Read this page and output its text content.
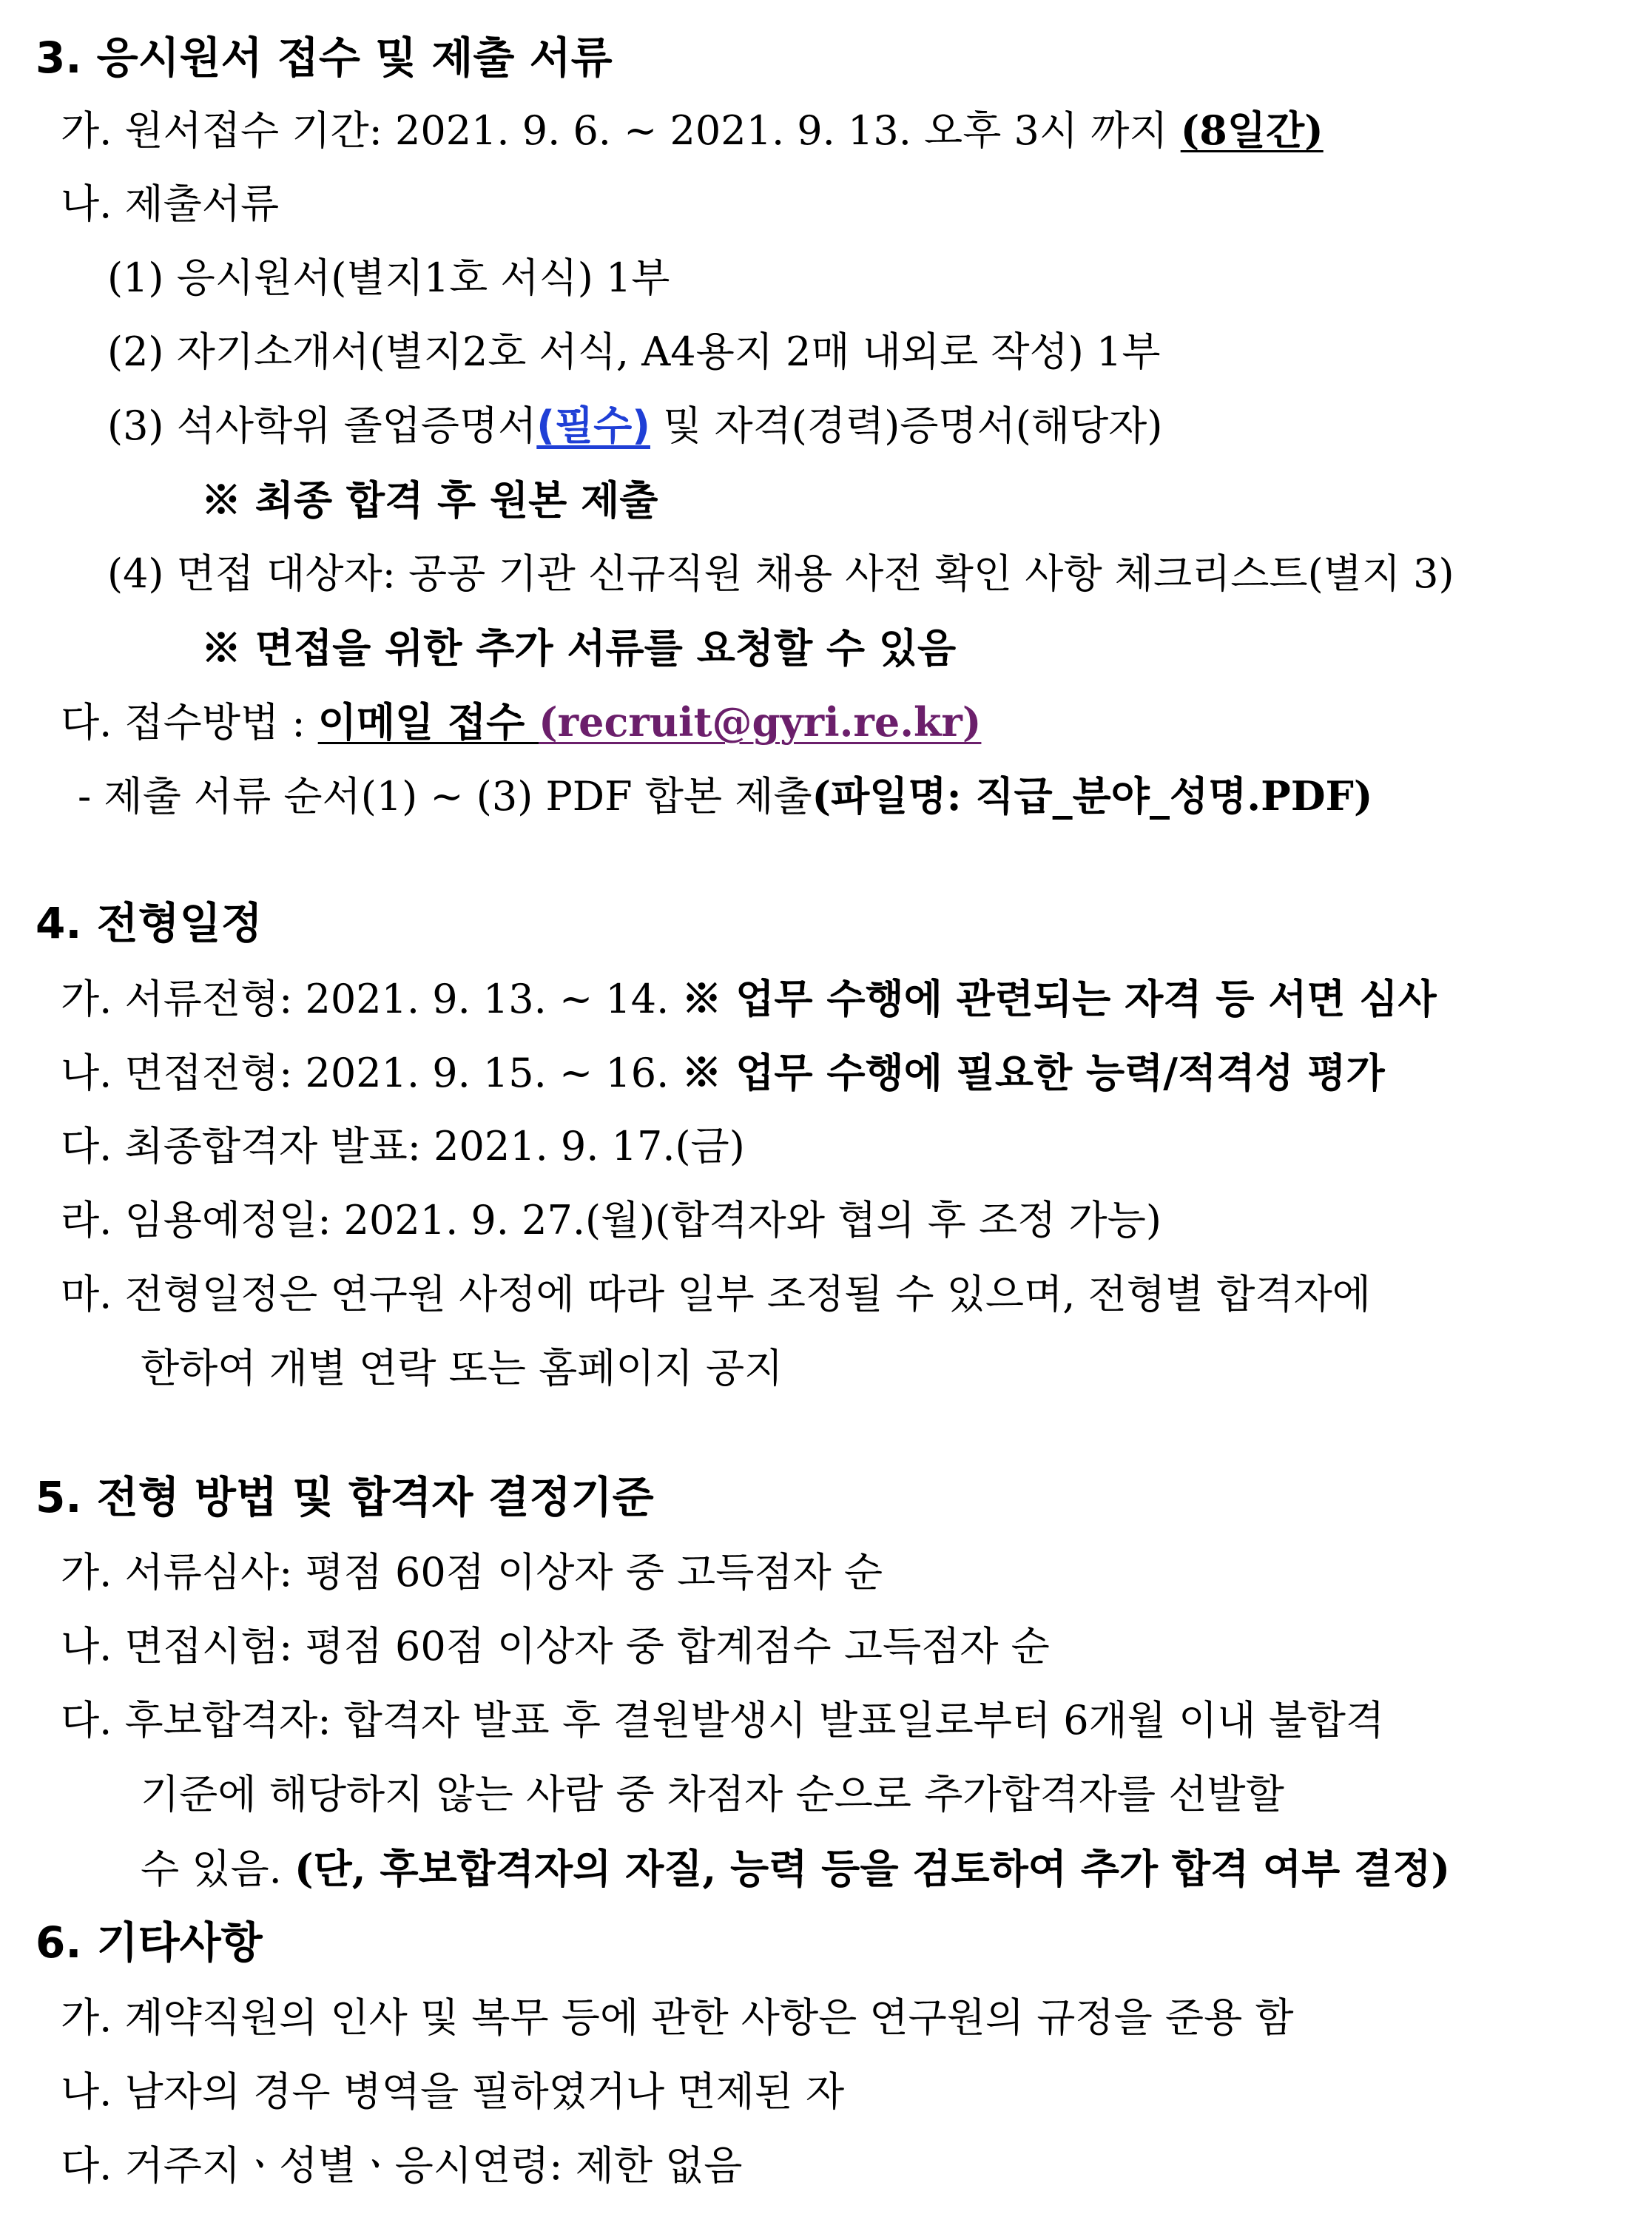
3. 응시원서 접수 및 제출 서류
가. 원서접수 기간: 2021. 9. 6. ~ 2021. 9. 13. 오후 3시 까지 (8일간)
나. 제출서류
(1) 응시원서(별지1호 서식) 1부
(2) 자기소개서(별지2호 서식, A4용지 2매 내외로 작성) 1부
(3) 석사학위 졸업증명서(필수) 및 자격(경력)증명서(해당자)
※ 최종 합격 후 원본 제출
(4) 면접 대상자: 공공 기관 신규직원 채용 사전 확인 사항 체크리스트(별지 3)
※ 면접을 위한 추가 서류를 요청할 수 있음
다. 접수방법 : 이메일 접수 (recruit@gyri.re.kr)
- 제출 서류 순서(1) ~ (3) PDF 합본 제출(파일명: 직급_분야_성명.PDF)
4. 전형일정
가. 서류전형: 2021. 9. 13. ~ 14. ※ 업무 수행에 관련되는 자격 등 서면 심사
나. 면접전형: 2021. 9. 15. ~ 16. ※ 업무 수행에 필요한 능력/적격성 평가
다. 최종합격자 발표: 2021. 9. 17.(금)
라. 임용예정일: 2021. 9. 27.(월)(합격자와 협의 후 조정 가능)
마. 전형일정은 연구원 사정에 따라 일부 조정될 수 있으며, 전형별 합격자에
한하여 개별 연락 또는 홈페이지 공지
5. 전형 방법 및 합격자 결정기준
가. 서류심사: 평점 60점 이상자 중 고득점자 순
나. 면접시험: 평점 60점 이상자 중 합계점수 고득점자 순
다. 후보합격자: 합격자 발표 후 결원발생시 발표일로부터 6개월 이내 불합격
기준에 해당하지 않는 사람 중 차점자 순으로 추가합격자를 선발할
수 있음. (단, 후보합격자의 자질, 능력 등을 검토하여 추가 합격 여부 결정)
6. 기타사항
가. 계약직원의 인사 및 복무 등에 관한 사항은 연구원의 규정을 준용 함
나. 남자의 경우 병역을 필하였거나 면제된 자
다. 거주지ㆍ성별ㆍ응시연령: 제한 없음
